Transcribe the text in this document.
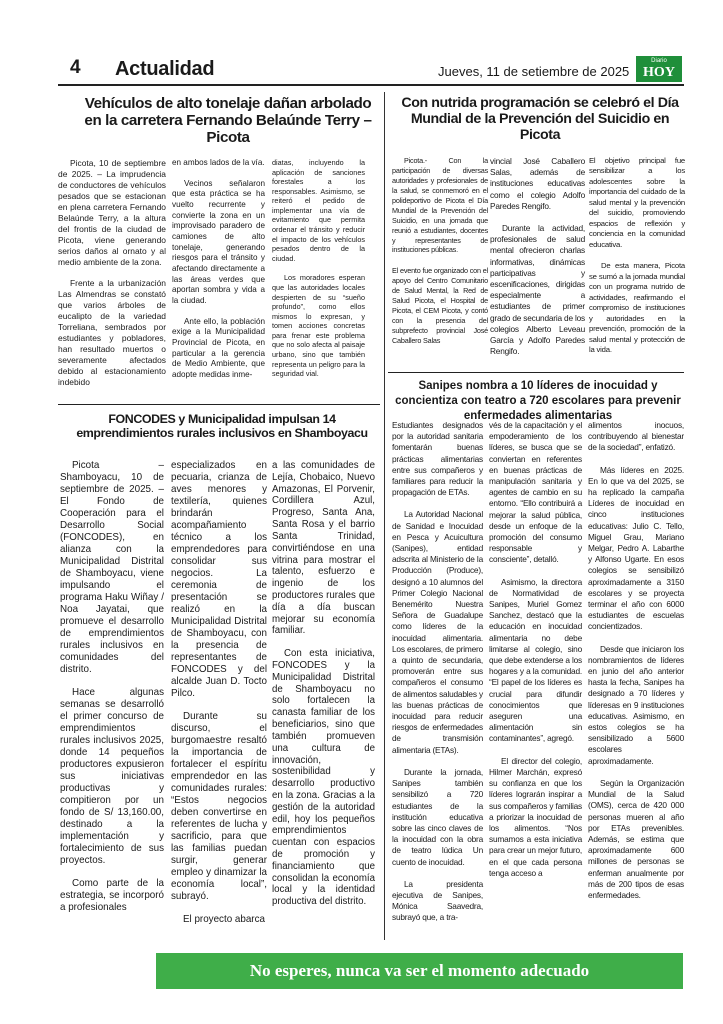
4 Actualidad	Jueves, 11 de setiembre de 2025
Diario
HOY
Vehículos de alto tonelaje dañan arbolado en la carretera Fernando Belaúnde Terry – Picota

Picota, 10 de septiembre de 2025. – La imprudencia de conductores de vehículos pesados que se estacionan en plena carretera Fernando Belaúnde Terry, a la altura del frontis de la ciudad de Picota, viene generando serios daños al ornato y al medio ambiente de la zona.

Frente a la urbanización Las Almendras se constató que varios árboles de eucalipto de la variedad Torreliana, sembrados por estudiantes y pobladores, han resultado muertos o severamente afectados debido al estacionamiento indebido

en ambos lados de la vía.

Vecinos señalaron que esta práctica se ha vuelto recurrente y convierte la zona en un improvisado paradero de camiones de alto tonelaje, generando riesgos para el tránsito y afectando directamente a las áreas verdes que aportan sombra y vida a la ciudad.

Ante ello, la población exige a la Municipalidad Provincial de Picota, en particular a la gerencia de Medio Ambiente, que adopte medidas inme-

diatas, incluyendo la aplicación de sanciones forestales a los responsables. Asimismo, se reiteró el pedido de implementar una vía de evitamiento que permita ordenar el tránsito y reducir el impacto de los vehículos pesados dentro de la ciudad.

Los moradores esperan que las autoridades locales despierten de su “sueño profundo”, como ellos mismos lo expresan, y tomen acciones concretas para frenar este problema que no solo afecta al paisaje urbano, sino que también representa un peligro para la seguridad vial.

Con nutrida programación se celebró el Día Mundial de la Prevención del Suicidio en Picota

Picota.- Con la participación de diversas autoridades y profesionales de la salud, se conmemoró en el polideportivo de Picota el Día Mundial de la Prevención del Suicidio, en una jornada que reunió a estudiantes, docentes y representantes de instituciones públicas.

El evento fue organizado con el apoyo del Centro Comunitario de Salud Mental, la Red de Salud Picota, el Hospital de Picota, el CEM Picota, y contó con la presencia del subprefecto provincial José Caballero Salas

vincial José Caballero Salas, además de instituciones educativas como el colegio Adolfo Paredes Rengifo.

Durante la actividad, profesionales de salud mental ofrecieron charlas informativas, dinámicas participativas y escenificaciones, dirigidas especialmente a estudiantes de primer grado de secundaria de los colegios Alberto Leveau García y Adolfo Paredes Rengifo.

El objetivo principal fue sensibilizar a los adolescentes sobre la importancia del cuidado de la salud mental y la prevención del suicidio, promoviendo espacios de reflexión y conciencia en la comunidad educativa.

De esta manera, Picota se sumó a la jornada mundial con un programa nutrido de actividades, reafirmando el compromiso de instituciones y autoridades en la prevención, promoción de la salud mental y protección de la vida.

FONCODES y Municipalidad impulsan 14 emprendimientos rurales inclusivos en Shamboyacu

Picota – Shamboyacu, 10 de septiembre de 2025. – El Fondo de Cooperación para el Desarrollo Social (FONCODES), en alianza con la Municipalidad Distrital de Shamboyacu, viene impulsando el programa Haku Wiñay / Noa Jayatai, que promueve el desarrollo de emprendimientos rurales inclusivos en comunidades del distrito.

Hace algunas semanas se desarrolló el primer concurso de emprendimientos rurales inclusivos 2025, donde 14 pequeños productores expusieron sus iniciativas productivas y compitieron por un fondo de S/ 13,160.00, destinado a la implementación y fortalecimiento de sus proyectos.

Como parte de la estrategia, se incorporó a profesionales

especializados en pecuaria, crianza de aves menores y textilería, quienes brindarán acompañamiento técnico a los emprendedores para consolidar sus negocios. La ceremonia de presentación se realizó en la Municipalidad Distrital de Shamboyacu, con la presencia de representantes de FONCODES y del alcalde Juan D. Tocto Pilco.

Durante su discurso, el burgomaestre resaltó la importancia de fortalecer el espíritu emprendedor en las comunidades rurales: “Estos negocios deben convertirse en referentes de lucha y sacrificio, para que las familias puedan surgir, generar empleo y dinamizar la economía local”, subrayó.

El proyecto abarca

a las comunidades de Lejía, Chobaico, Nuevo Amazonas, El Porvenir, Cordillera Azul, Progreso, Santa Ana, Santa Rosa y el barrio Santa Trinidad, convirtiéndose en una vitrina para mostrar el talento, esfuerzo e ingenio de los productores rurales que día a día buscan mejorar su economía familiar.

Con esta iniciativa, FONCODES y la Municipalidad Distrital de Shamboyacu no solo fortalecen la canasta familiar de los beneficiarios, sino que también promueven una cultura de innovación, sostenibilidad y desarrollo productivo en la zona. Gracias a la gestión de la autoridad edil, hoy los pequeños emprendimientos cuentan con espacios de promoción y financiamiento que consolidan la economía local y la identidad productiva del distrito.

Sanipes nombra a 10 líderes de inocuidad y concientiza con teatro a 720 escolares para prevenir enfermedades alimentarias

Estudiantes designados por la autoridad sanitaria fomentarán buenas prácticas alimentarias entre sus compañeros y familiares para reducir la propagación de ETAs.

La Autoridad Nacional de Sanidad e Inocuidad en Pesca y Acuicultura (Sanipes), entidad adscrita al Ministerio de la Producción (Produce), designó a 10 alumnos del Primer Colegio Nacional Benemérito Nuestra Señora de Guadalupe como líderes de la inocuidad alimentaria. Los escolares, de primero a quinto de secundaria, promoverán entre sus compañeros el consumo de alimentos saludables y las buenas prácticas de inocuidad para reducir riesgos de enfermedades de transmisión alimentaria (ETAs).

Durante la jornada, Sanipes también sensibilizó a 720 estudiantes de la institución educativa sobre las cinco claves de la inocuidad con la obra de teatro lúdica Un cuento de inocuidad.

La presidenta ejecutiva de Sanipes, Mónica Saavedra, subrayó que, a tra-

vés de la capacitación y el empoderamiento de los líderes, se busca que se conviertan en referentes en buenas prácticas de manipulación sanitaria y agentes de cambio en su entorno. “Ello contribuirá a mejorar la salud pública, desde un enfoque de la promoción del consumo responsable y consciente”, detalló.

Asimismo, la directora de Normatividad de Sanipes, Muriel Gomez Sanchez, destacó que la educación en inocuidad alimentaria no debe limitarse al colegio, sino que debe extenderse a los hogares y a la comunidad. “El papel de los líderes es crucial para difundir conocimientos que aseguren una alimentación sin contaminantes”, agregó.

El director del colegio, Hilmer Marchán, expresó su confianza en que los líderes lograrán inspirar a sus compañeros y familias a priorizar la inocuidad de los alimentos. “Nos sumamos a esta iniciativa para crear un mejor futuro, en el que cada persona tenga acceso a

alimentos inocuos, contribuyendo al bienestar de la sociedad”, enfatizó.

Más líderes en 2025. En lo que va del 2025, se ha replicado la campaña Líderes de inocuidad en cinco instituciones educativas: Julio C. Tello, Miguel Grau, Mariano Melgar, Pedro A. Labarthe y Alfonso Ugarte. En esos colegios se sensibilizó aproximadamente a 3150 escolares y se proyecta terminar el año con 6000 estudiantes de escuelas concientizados.

Desde que iniciaron los nombramientos de líderes en junio del año anterior hasta la fecha, Sanipes ha designado a 70 líderes y líderesas en 9 instituciones educativas. Asimismo, en estos colegios se ha sensibilizado a 5600 escolares aproximadamente.

Según la Organización Mundial de la Salud (OMS), cerca de 420 000 personas mueren al año por ETAs prevenibles. Además, se estima que aproximadamente 600 millones de personas se enferman anualmente por más de 200 tipos de esas enfermedades.

No esperes, nunca va ser el momento adecuado
